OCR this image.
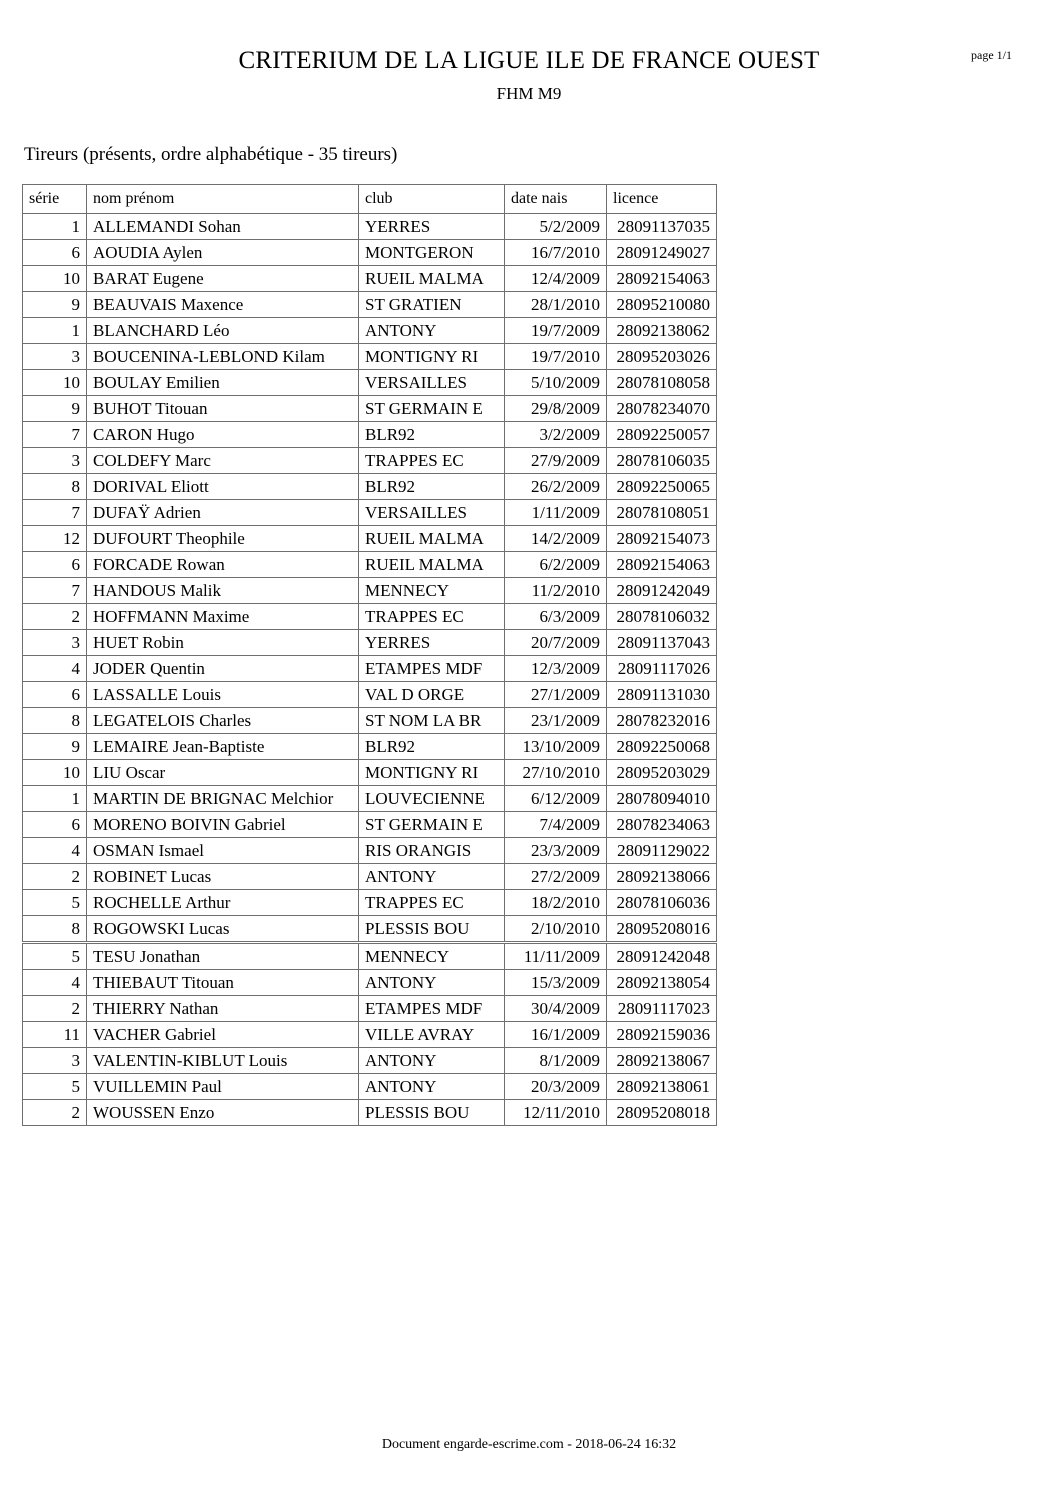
page 1/1
CRITERIUM DE LA LIGUE ILE DE FRANCE OUEST
FHM M9

Tireurs (présents, ordre alphabétique - 35 tireurs)

série	nom prénom	club	date nais	licence
1	ALLEMANDI Sohan	YERRES	5/2/2009	28091137035
6	AOUDIA Aylen	MONTGERON	16/7/2010	28091249027
10	BARAT Eugene	RUEIL MALMA	12/4/2009	28092154063
9	BEAUVAIS Maxence	ST GRATIEN	28/1/2010	28095210080
1	BLANCHARD Léo	ANTONY	19/7/2009	28092138062
3	BOUCENINA-LEBLOND Kilam	MONTIGNY RI	19/7/2010	28095203026
10	BOULAY Emilien	VERSAILLES	5/10/2009	28078108058
9	BUHOT Titouan	ST GERMAIN E	29/8/2009	28078234070
7	CARON Hugo	BLR92	3/2/2009	28092250057
3	COLDEFY Marc	TRAPPES EC	27/9/2009	28078106035
8	DORIVAL Eliott	BLR92	26/2/2009	28092250065
7	DUFAŸ Adrien	VERSAILLES	1/11/2009	28078108051
12	DUFOURT Theophile	RUEIL MALMA	14/2/2009	28092154073
6	FORCADE Rowan	RUEIL MALMA	6/2/2009	28092154063
7	HANDOUS Malik	MENNECY	11/2/2010	28091242049
2	HOFFMANN Maxime	TRAPPES EC	6/3/2009	28078106032
3	HUET Robin	YERRES	20/7/2009	28091137043
4	JODER Quentin	ETAMPES MDF	12/3/2009	28091117026
6	LASSALLE Louis	VAL D ORGE	27/1/2009	28091131030
8	LEGATELOIS Charles	ST NOM LA BR	23/1/2009	28078232016
9	LEMAIRE Jean-Baptiste	BLR92	13/10/2009	28092250068
10	LIU Oscar	MONTIGNY RI	27/10/2010	28095203029
1	MARTIN DE BRIGNAC Melchior	LOUVECIENNE	6/12/2009	28078094010
6	MORENO BOIVIN Gabriel	ST GERMAIN E	7/4/2009	28078234063
4	OSMAN Ismael	RIS ORANGIS	23/3/2009	28091129022
2	ROBINET Lucas	ANTONY	27/2/2009	28092138066
5	ROCHELLE Arthur	TRAPPES EC	18/2/2010	28078106036
8	ROGOWSKI Lucas	PLESSIS BOU	2/10/2010	28095208016
5	TESU Jonathan	MENNECY	11/11/2009	28091242048
4	THIEBAUT Titouan	ANTONY	15/3/2009	28092138054
2	THIERRY Nathan	ETAMPES MDF	30/4/2009	28091117023
11	VACHER Gabriel	VILLE AVRAY	16/1/2009	28092159036
3	VALENTIN-KIBLUT Louis	ANTONY	8/1/2009	28092138067
5	VUILLEMIN Paul	ANTONY	20/3/2009	28092138061
2	WOUSSEN Enzo	PLESSIS BOU	12/11/2010	28095208018
Document engarde-escrime.com - 2018-06-24 16:32
